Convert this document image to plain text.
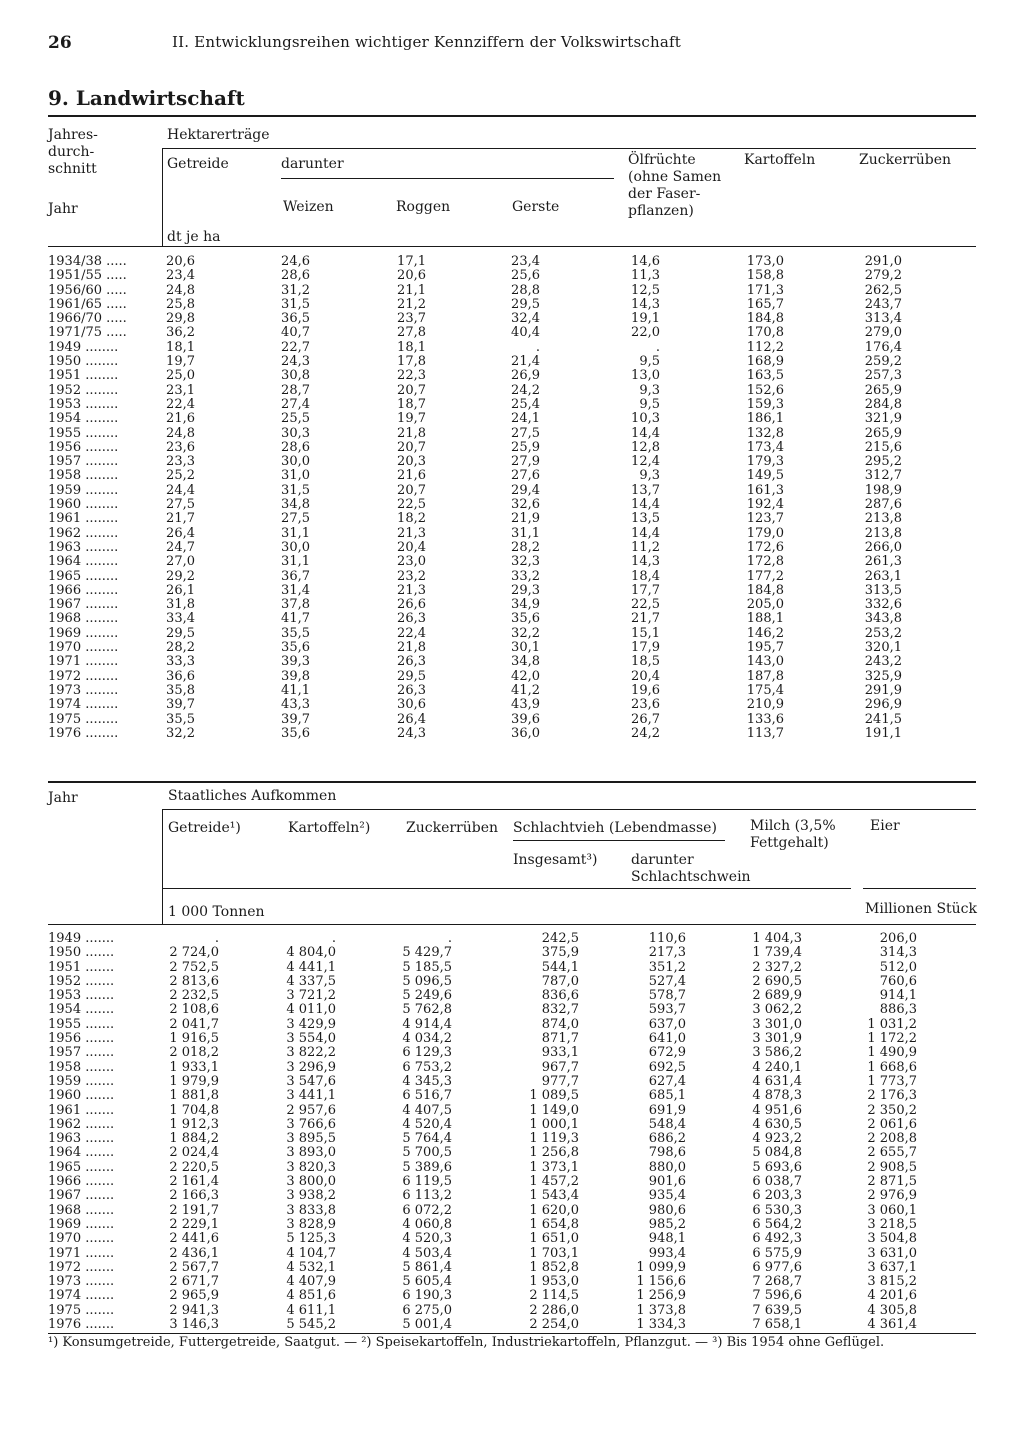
26	II. Entwicklungsreihen wichtiger Kennziffern der Volkswirtschaft
9. Landwirtschaft
Jahres-
durch-
schnitt
Jahr
Hektarerträge
Getreide	darunter
Weizen	Roggen	Gerste
Ölfrüchte
(ohne Samen
der Faser-
pflanzen)
Kartoffeln	Zuckerrüben
dt je ha
1934/38 .....	20,6	24,6	17,1	23,4	14,6	173,0	291,0
1951/55 .....	23,4	28,6	20,6	25,6	11,3	158,8	279,2
1956/60 .....	24,8	31,2	21,1	28,8	12,5	171,3	262,5
1961/65 .....	25,8	31,5	21,2	29,5	14,3	165,7	243,7
1966/70 .....	29,8	36,5	23,7	32,4	19,1	184,8	313,4
1971/75 .....	36,2	40,7	27,8	40,4	22,0	170,8	279,0
1949 ........	18,1	22,7	18,1	.	.	112,2	176,4
1950 ........	19,7	24,3	17,8	21,4	9,5	168,9	259,2
1951 ........	25,0	30,8	22,3	26,9	13,0	163,5	257,3
1952 ........	23,1	28,7	20,7	24,2	9,3	152,6	265,9
1953 ........	22,4	27,4	18,7	25,4	9,5	159,3	284,8
1954 ........	21,6	25,5	19,7	24,1	10,3	186,1	321,9
1955 ........	24,8	30,3	21,8	27,5	14,4	132,8	265,9
1956 ........	23,6	28,6	20,7	25,9	12,8	173,4	215,6
1957 ........	23,3	30,0	20,3	27,9	12,4	179,3	295,2
1958 ........	25,2	31,0	21,6	27,6	9,3	149,5	312,7
1959 ........	24,4	31,5	20,7	29,4	13,7	161,3	198,9
1960 ........	27,5	34,8	22,5	32,6	14,4	192,4	287,6
1961 ........	21,7	27,5	18,2	21,9	13,5	123,7	213,8
1962 ........	26,4	31,1	21,3	31,1	14,4	179,0	213,8
1963 ........	24,7	30,0	20,4	28,2	11,2	172,6	266,0
1964 ........	27,0	31,1	23,0	32,3	14,3	172,8	261,3
1965 ........	29,2	36,7	23,2	33,2	18,4	177,2	263,1
1966 ........	26,1	31,4	21,3	29,3	17,7	184,8	313,5
1967 ........	31,8	37,8	26,6	34,9	22,5	205,0	332,6
1968 ........	33,4	41,7	26,3	35,6	21,7	188,1	343,8
1969 ........	29,5	35,5	22,4	32,2	15,1	146,2	253,2
1970 ........	28,2	35,6	21,8	30,1	17,9	195,7	320,1
1971 ........	33,3	39,3	26,3	34,8	18,5	143,0	243,2
1972 ........	36,6	39,8	29,5	42,0	20,4	187,8	325,9
1973 ........	35,8	41,1	26,3	41,2	19,6	175,4	291,9
1974 ........	39,7	43,3	30,6	43,9	23,6	210,9	296,9
1975 ........	35,5	39,7	26,4	39,6	26,7	133,6	241,5
1976 ........	32,2	35,6	24,3	36,0	24,2	113,7	191,1
Jahr	Staatliches Aufkommen
Getreide¹)	Kartoffeln²)	Zuckerrüben Schlachtvieh (Lebendmasse)
Insgesamt³) darunter
Schlachtschwein
Milch (3,5%
Fettgehalt)
Eier
1 000 Tonnen	Millionen Stück
1949 .......	.	.	.	242,5	110,6	1 404,3	206,0
1950 .......	2 724,0	4 804,0	5 429,7	375,9	217,3	1 739,4	314,3
1951 .......	2 752,5	4 441,1	5 185,5	544,1	351,2	2 327,2	512,0
1952 .......	2 813,6	4 337,5	5 096,5	787,0	527,4	2 690,5	760,6
1953 .......	2 232,5	3 721,2	5 249,6	836,6	578,7	2 689,9	914,1
1954 .......	2 108,6	4 011,0	5 762,8	832,7	593,7	3 062,2	886,3
1955 .......	2 041,7	3 429,9	4 914,4	874,0	637,0	3 301,0	1 031,2
1956 .......	1 916,5	3 554,0	4 034,2	871,7	641,0	3 301,9	1 172,2
1957 .......	2 018,2	3 822,2	6 129,3	933,1	672,9	3 586,2	1 490,9
1958 .......	1 933,1	3 296,9	6 753,2	967,7	692,5	4 240,1	1 668,6
1959 .......	1 979,9	3 547,6	4 345,3	977,7	627,4	4 631,4	1 773,7
1960 .......	1 881,8	3 441,1	6 516,7	1 089,5	685,1	4 878,3	2 176,3
1961 .......	1 704,8	2 957,6	4 407,5	1 149,0	691,9	4 951,6	2 350,2
1962 .......	1 912,3	3 766,6	4 520,4	1 000,1	548,4	4 630,5	2 061,6
1963 .......	1 884,2	3 895,5	5 764,4	1 119,3	686,2	4 923,2	2 208,8
1964 .......	2 024,4	3 893,0	5 700,5	1 256,8	798,6	5 084,8	2 655,7
1965 .......	2 220,5	3 820,3	5 389,6	1 373,1	880,0	5 693,6	2 908,5
1966 .......	2 161,4	3 800,0	6 119,5	1 457,2	901,6	6 038,7	2 871,5
1967 .......	2 166,3	3 938,2	6 113,2	1 543,4	935,4	6 203,3	2 976,9
1968 .......	2 191,7	3 833,8	6 072,2	1 620,0	980,6	6 530,3	3 060,1
1969 .......	2 229,1	3 828,9	4 060,8	1 654,8	985,2	6 564,2	3 218,5
1970 .......	2 441,6	5 125,3	4 520,3	1 651,0	948,1	6 492,3	3 504,8
1971 .......	2 436,1	4 104,7	4 503,4	1 703,1	993,4	6 575,9	3 631,0
1972 .......	2 567,7	4 532,1	5 861,4	1 852,8	1 099,9	6 977,6	3 637,1
1973 .......	2 671,7	4 407,9	5 605,4	1 953,0	1 156,6	7 268,7	3 815,2
1974 .......	2 965,9	4 851,6	6 190,3	2 114,5	1 256,9	7 596,6	4 201,6
1975 .......	2 941,3	4 611,1	6 275,0	2 286,0	1 373,8	7 639,5	4 305,8
1976 .......	3 146,3	5 545,2	5 001,4	2 254,0	1 334,3	7 658,1	4 361,4
¹) Konsumgetreide, Futtergetreide, Saatgut. — ²) Speisekartoffeln, Industriekartoffeln, Pflanzgut. — ³) Bis 1954 ohne Geflügel.
